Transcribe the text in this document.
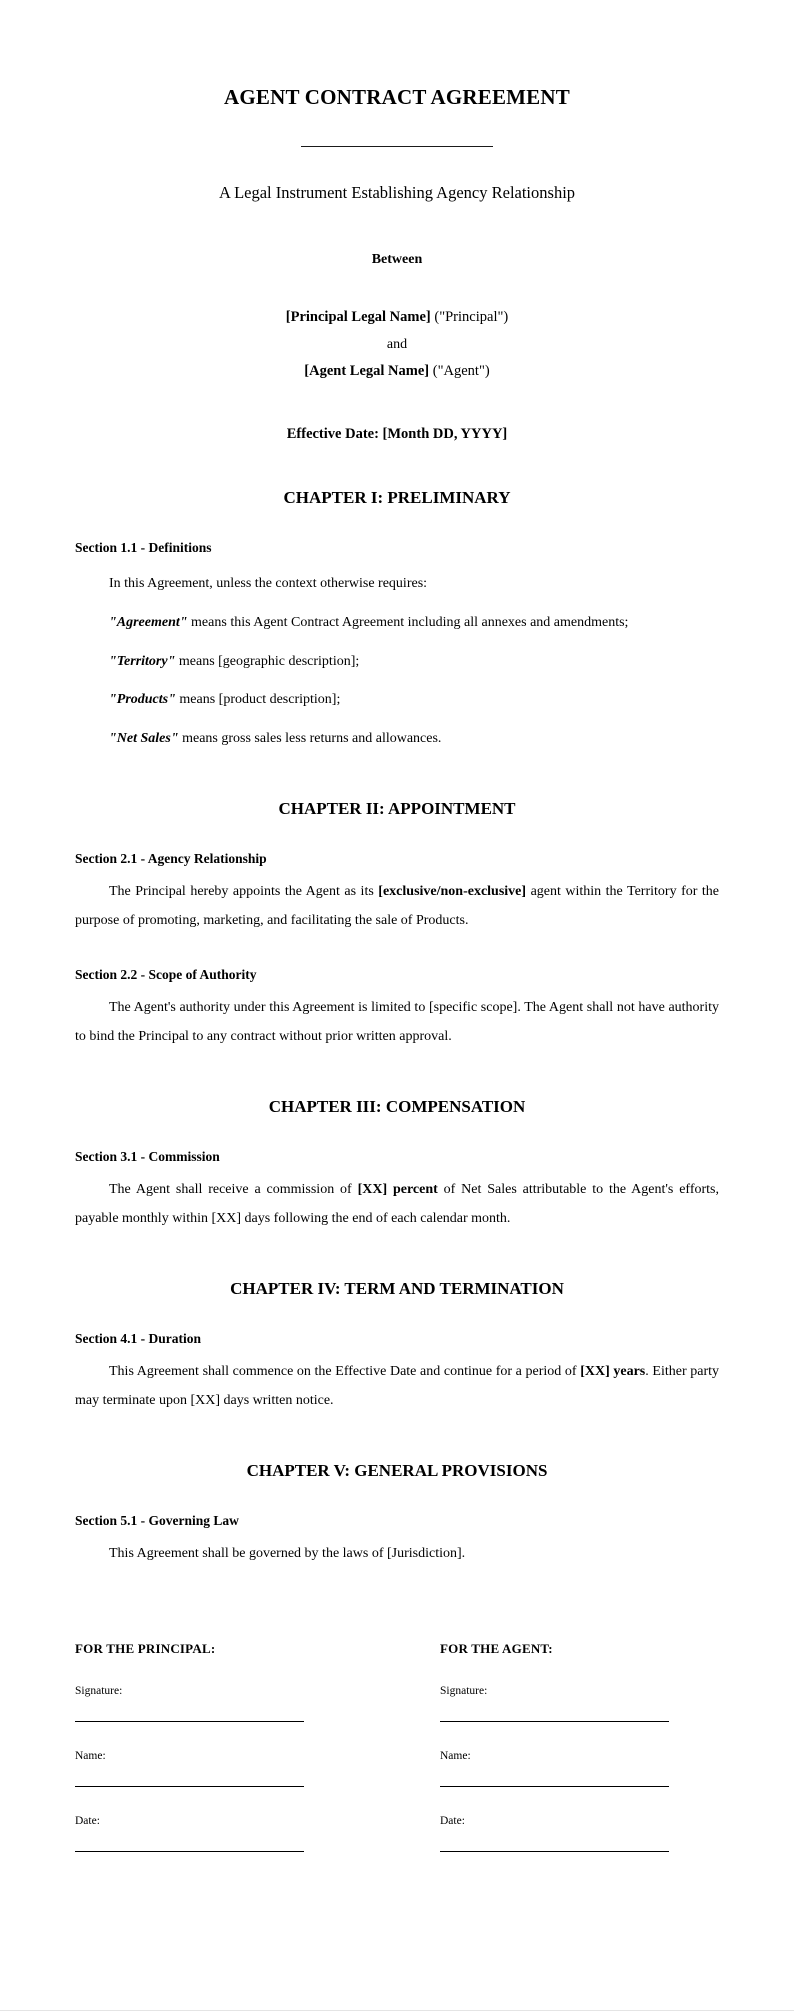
AGENT CONTRACT AGREEMENT

A Legal Instrument Establishing Agency Relationship

Between

[Principal Legal Name] ("Principal")

and

[Agent Legal Name] ("Agent")

Effective Date: [Month DD, YYYY]

CHAPTER I: PRELIMINARY
Section 1.1 - Definitions

In this Agreement, unless the context otherwise requires:

"Agreement" means this Agent Contract Agreement including all annexes and amendments;
"Territory" means [geographic description];
"Products" means [product description];
"Net Sales" means gross sales less returns and allowances.
CHAPTER II: APPOINTMENT
Section 2.1 - Agency Relationship

The Principal hereby appoints the Agent as its [exclusive/non-exclusive] agent within the Territory for the purpose of promoting, marketing, and facilitating the sale of Products.

Section 2.2 - Scope of Authority

The Agent's authority under this Agreement is limited to [specific scope]. The Agent shall not have authority to bind the Principal to any contract without prior written approval.

CHAPTER III: COMPENSATION
Section 3.1 - Commission

The Agent shall receive a commission of [XX] percent of Net Sales attributable to the Agent's efforts, payable monthly within [XX] days following the end of each calendar month.

CHAPTER IV: TERM AND TERMINATION
Section 4.1 - Duration

This Agreement shall commence on the Effective Date and continue for a period of [XX] years. Either party may terminate upon [XX] days written notice.

CHAPTER V: GENERAL PROVISIONS
Section 5.1 - Governing Law

This Agreement shall be governed by the laws of [Jurisdiction].

FOR THE PRINCIPAL:
Signature:
Name:
Date:
FOR THE AGENT:
Signature:
Name:
Date:
